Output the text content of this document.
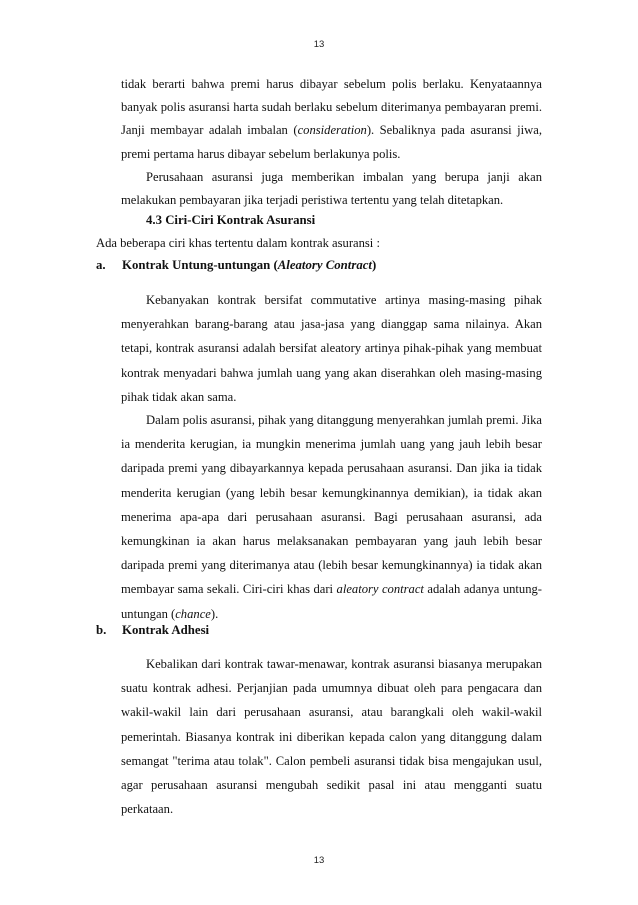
13

tidak berarti bahwa premi harus dibayar sebelum polis berlaku. Kenyataannya banyak polis asuransi harta sudah berlaku sebelum diterimanya pembayaran premi. Janji membayar adalah imbalan (consideration). Sebaliknya pada asuransi jiwa, premi pertama harus dibayar sebelum berlakunya polis.

Perusahaan asuransi juga memberikan imbalan yang berupa janji akan melakukan pembayaran jika terjadi peristiwa tertentu yang telah ditetapkan.

4.3 Ciri-Ciri Kontrak Asuransi

Ada beberapa ciri khas tertentu dalam kontrak asuransi :

a. Kontrak Untung-untungan (Aleatory Contract)

Kebanyakan kontrak bersifat commutative artinya masing-masing pihak menyerahkan barang-barang atau jasa-jasa yang dianggap sama nilainya. Akan tetapi, kontrak asuransi adalah bersifat aleatory artinya pihak-pihak yang membuat kontrak menyadari bahwa jumlah uang yang akan diserahkan oleh masing-masing pihak tidak akan sama.

Dalam polis asuransi, pihak yang ditanggung menyerahkan jumlah premi. Jika ia menderita kerugian, ia mungkin menerima jumlah uang yang jauh lebih besar daripada premi yang dibayarkannya kepada perusahaan asuransi. Dan jika ia tidak menderita kerugian (yang lebih besar kemungkinannya demikian), ia tidak akan menerima apa-apa dari perusahaan asuransi. Bagi perusahaan asuransi, ada kemungkinan ia akan harus melaksanakan pembayaran yang jauh lebih besar daripada premi yang diterimanya atau (lebih besar kemungkinannya) ia tidak akan membayar sama sekali. Ciri-ciri khas dari aleatory contract adalah adanya untung-untungan (chance).

b. Kontrak Adhesi

Kebalikan dari kontrak tawar-menawar, kontrak asuransi biasanya merupakan suatu kontrak adhesi. Perjanjian pada umumnya dibuat oleh para pengacara dan wakil-wakil lain dari perusahaan asuransi, atau barangkali oleh wakil-wakil pemerintah. Biasanya kontrak ini diberikan kepada calon yang ditanggung dalam semangat "terima atau tolak". Calon pembeli asuransi tidak bisa mengajukan usul, agar perusahaan asuransi mengubah sedikit pasal ini atau mengganti suatu perkataan.

13
